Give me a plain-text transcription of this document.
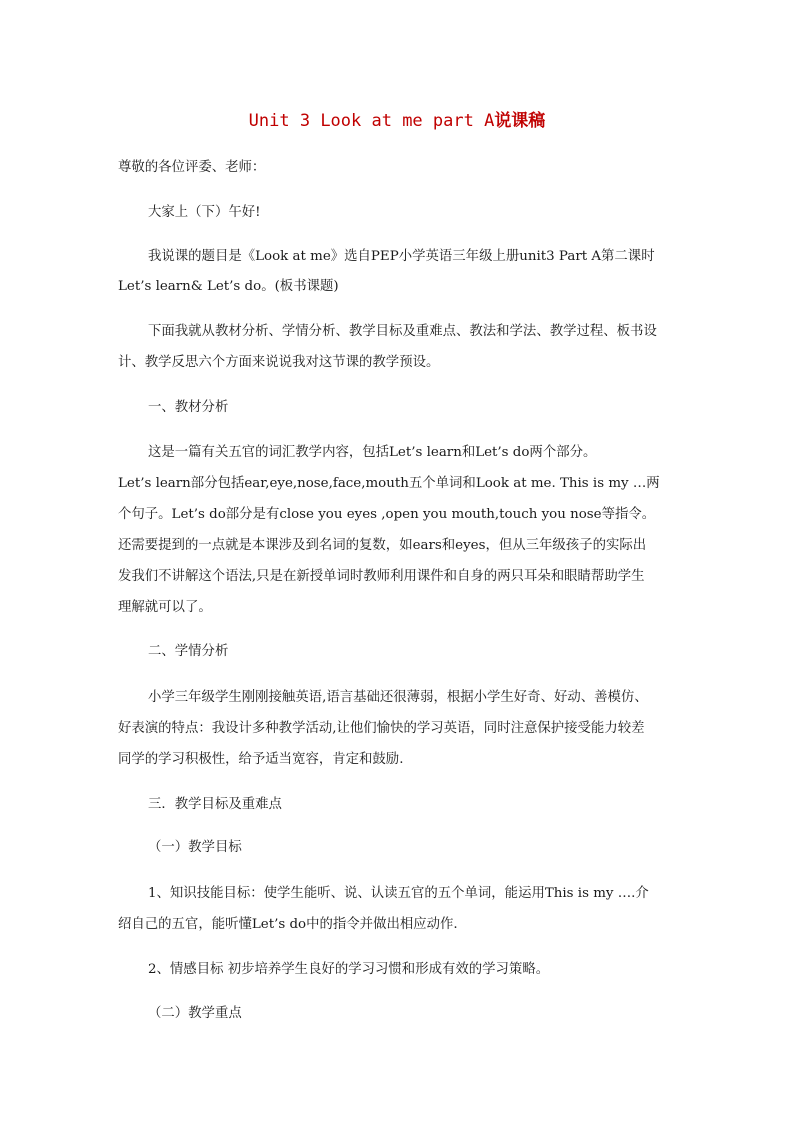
Unit 3 Look at me part A说课稿
尊敬的各位评委、老师：
大家上（下）午好!
我说课的题目是《Look at me》选自PEP小学英语三年级上册unit3 Part A第二课时
Let’s learn& Let’s do。(板书课题)
下面我就从教材分析、学情分析、教学目标及重难点、教法和学法、教学过程、板书设
计、教学反思六个方面来说说我对这节课的教学预设。
一、教材分析
这是一篇有关五官的词汇教学内容，包括Let’s learn和Let’s do两个部分。
Let’s learn部分包括ear,eye,nose,face,mouth五个单词和Look at me. This is my …两
个句子。Let’s do部分是有close you eyes ,open you mouth,touch you nose等指令。
还需要提到的一点就是本课涉及到名词的复数，如ears和eyes，但从三年级孩子的实际出
发我们不讲解这个语法,只是在新授单词时教师利用课件和自身的两只耳朵和眼睛帮助学生
理解就可以了。
二、学情分析
小学三年级学生刚刚接触英语,语言基础还很薄弱，根据小学生好奇、好动、善模仿、
好表演的特点：我设计多种教学活动,让他们愉快的学习英语，同时注意保护接受能力较差
同学的学习积极性，给予适当宽容，肯定和鼓励.
三．教学目标及重难点
（一）教学目标
1、知识技能目标：使学生能听、说、认读五官的五个单词，能运用This is my ….介
绍自己的五官，能听懂Let’s do中的指令并做出相应动作.
2、情感目标 初步培养学生良好的学习习惯和形成有效的学习策略。
（二）教学重点
